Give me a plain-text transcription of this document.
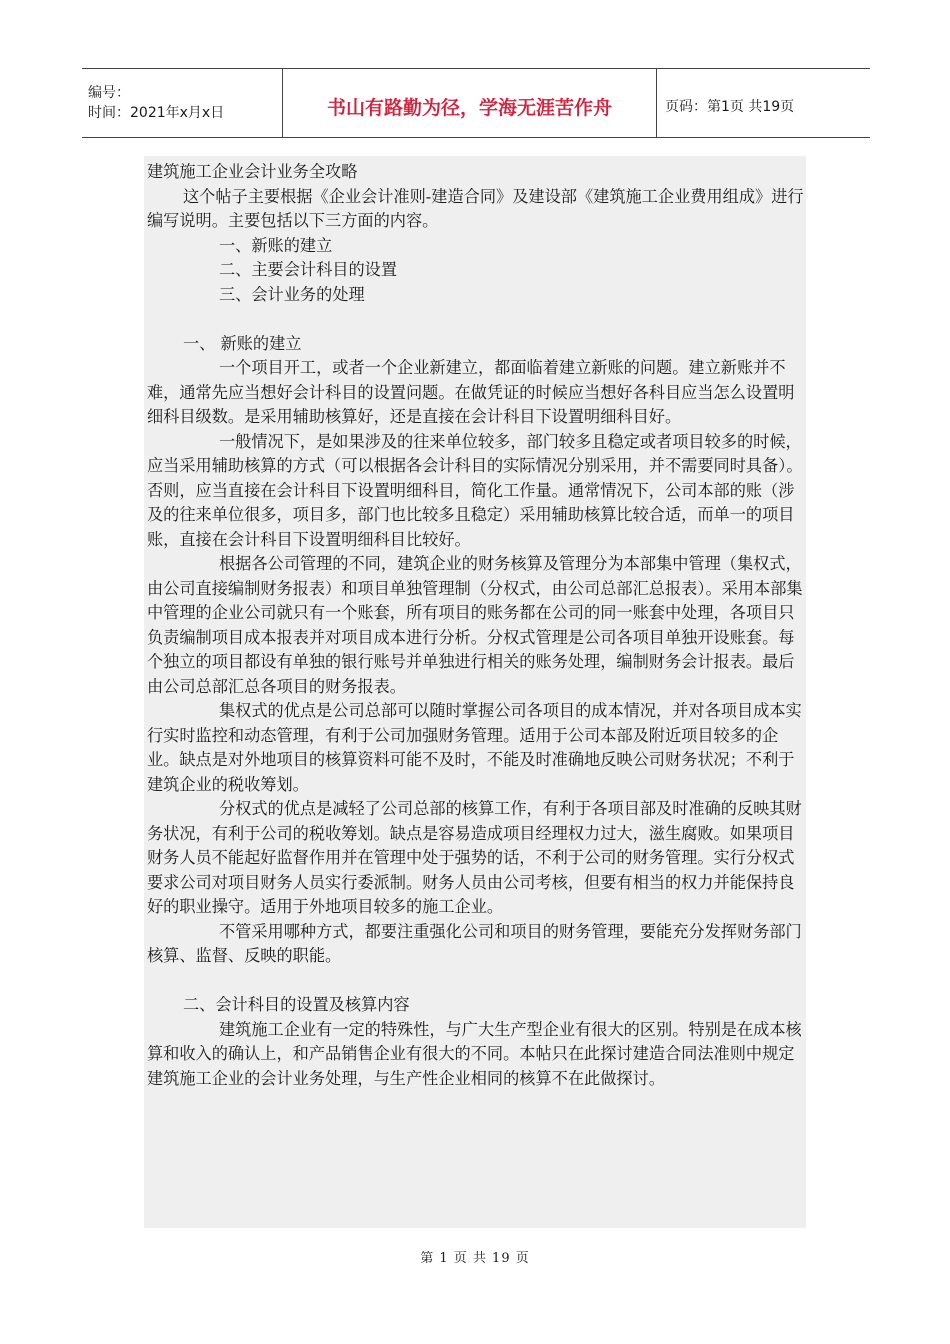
编号：
时间：2021年x月x日	书山有路勤为径，学海无涯苦作舟	页码：第1页 共19页

建筑施工企业会计业务全攻略

这个帖子主要根据《企业会计准则-建造合同》及建设部《建筑施工企业费用组成》进行编写说明。主要包括以下三方面的内容。

一、新账的建立

二、主要会计科目的设置

三、会计业务的处理

一、 新账的建立

一个项目开工，或者一个企业新建立，都面临着建立新账的问题。建立新账并不难，通常先应当想好会计科目的设置问题。在做凭证的时候应当想好各科目应当怎么设置明细科目级数。是采用辅助核算好，还是直接在会计科目下设置明细科目好。

一般情况下，是如果涉及的往来单位较多，部门较多且稳定或者项目较多的时候，应当采用辅助核算的方式（可以根据各会计科目的实际情况分别采用，并不需要同时具备）。否则，应当直接在会计科目下设置明细科目，简化工作量。通常情况下，公司本部的账（涉及的往来单位很多，项目多，部门也比较多且稳定）采用辅助核算比较合适，而单一的项目账，直接在会计科目下设置明细科目比较好。

根据各公司管理的不同，建筑企业的财务核算及管理分为本部集中管理（集权式，由公司直接编制财务报表）和项目单独管理制（分权式，由公司总部汇总报表）。采用本部集中管理的企业公司就只有一个账套，所有项目的账务都在公司的同一账套中处理，各项目只负责编制项目成本报表并对项目成本进行分析。分权式管理是公司各项目单独开设账套。每个独立的项目都设有单独的银行账号并单独进行相关的账务处理，编制财务会计报表。最后由公司总部汇总各项目的财务报表。

集权式的优点是公司总部可以随时掌握公司各项目的成本情况，并对各项目成本实行实时监控和动态管理，有利于公司加强财务管理。适用于公司本部及附近项目较多的企业。缺点是对外地项目的核算资料可能不及时，不能及时准确地反映公司财务状况；不利于建筑企业的税收筹划。

分权式的优点是减轻了公司总部的核算工作，有利于各项目部及时准确的反映其财务状况，有利于公司的税收筹划。缺点是容易造成项目经理权力过大，滋生腐败。如果项目财务人员不能起好监督作用并在管理中处于强势的话，不利于公司的财务管理。实行分权式要求公司对项目财务人员实行委派制。财务人员由公司考核，但要有相当的权力并能保持良好的职业操守。适用于外地项目较多的施工企业。

不管采用哪种方式，都要注重强化公司和项目的财务管理，要能充分发挥财务部门核算、监督、反映的职能。

二、会计科目的设置及核算内容

建筑施工企业有一定的特殊性，与广大生产型企业有很大的区别。特别是在成本核算和收入的确认上，和产品销售企业有很大的不同。本帖只在此探讨建造合同法准则中规定建筑施工企业的会计业务处理，与生产性企业相同的核算不在此做探讨。

第 1 页 共 19 页
